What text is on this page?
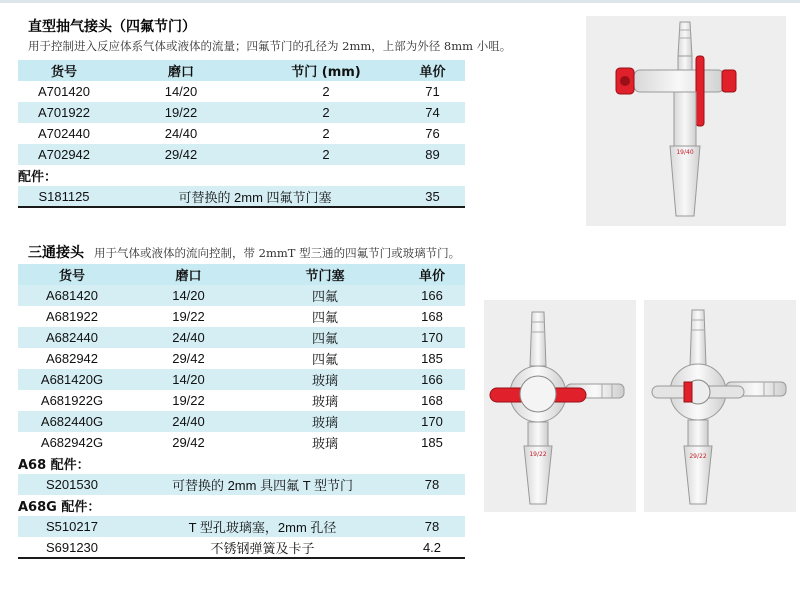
直型抽气接头（四氟节门）
用于控制进入反应体系气体或液体的流量；四氟节门的孔径为 2mm，上部为外径 8mm 小咀。
货号	磨口	节门 (mm)	单价
A701420	14/20	2	71
A701922	19/22	2	74
A702440	24/40	2	76
A702942	29/42	2	89
配件：			
S181125	可替换的 2mm 四氟节门塞		35
三通接头 用于气体或液体的流向控制，带 2mmT 型三通的四氟节门或玻璃节门。
货号	磨口	节门塞	单价
A681420	14/20	四氟	166
A681922	19/22	四氟	168
A682440	24/40	四氟	170
A682942	29/42	四氟	185
A681420G	14/20	玻璃	166
A681922G	19/22	玻璃	168
A682440G	24/40	玻璃	170
A682942G	29/42	玻璃	185
A68 配件：			
S201530	可替换的 2mm 具四氟 T 型节门		78
A68G 配件：			
S510217	T 型孔玻璃塞，2mm 孔径		78
S691230	不锈钢弹簧及卡子		4.2
19/40
19/22	29/22
